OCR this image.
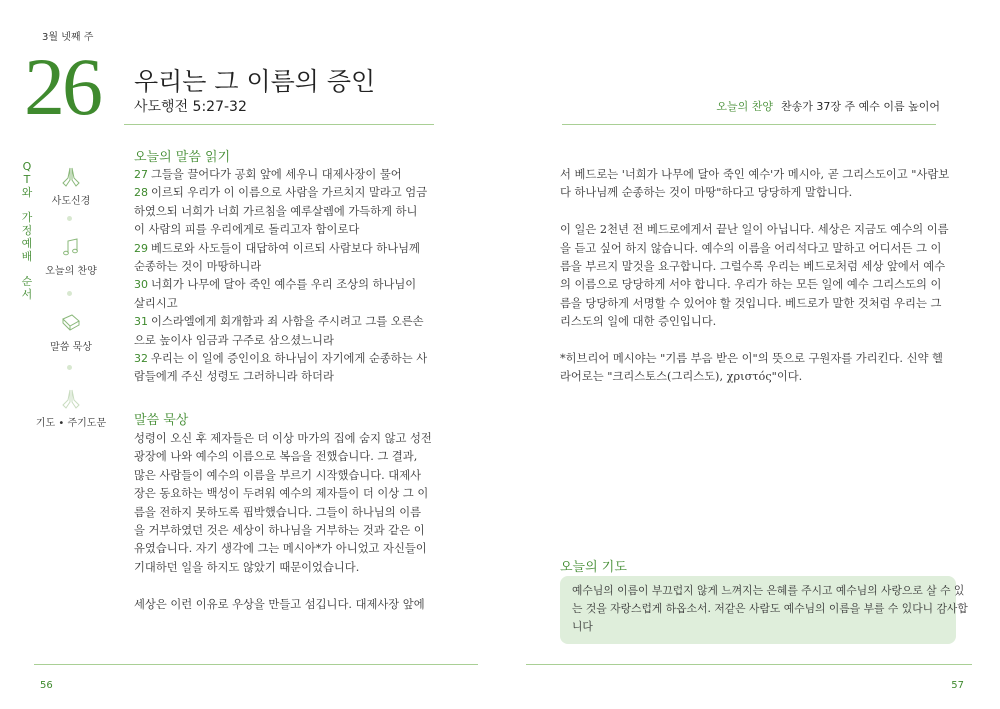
3월 넷째 주
26 우리는 그 이름의 증인
사도행전 5:27-32	오늘의 찬양 찬송가 37장 주 예수 이름 높이어
Q
T
와
가
정
예
배
순
서
사도신경
오늘의 찬양
말씀 묵상
기도 • 주기도문
오늘의 말씀 읽기
27 그들을 끌어다가 공회 앞에 세우니 대제사장이 물어
28 이르되 우리가 이 이름으로 사람을 가르치지 말라고 엄금
하였으되 너희가 너희 가르침을 예루살렘에 가득하게 하니
이 사람의 피를 우리에게로 돌리고자 함이로다
29 베드로와 사도들이 대답하여 이르되 사람보다 하나님께
순종하는 것이 마땅하니라
30 너희가 나무에 달아 죽인 예수를 우리 조상의 하나님이
살리시고
31 이스라엘에게 회개함과 죄 사함을 주시려고 그를 오른손
으로 높이사 임금과 구주로 삼으셨느니라
32 우리는 이 일에 증인이요 하나님이 자기에게 순종하는 사
람들에게 주신 성령도 그러하니라 하더라
말씀 묵상
성령이 오신 후 제자들은 더 이상 마가의 집에 숨지 않고 성전
광장에 나와 예수의 이름으로 복음을 전했습니다. 그 결과,
많은 사람들이 예수의 이름을 부르기 시작했습니다. 대제사
장은 동요하는 백성이 두려워 예수의 제자들이 더 이상 그 이
름을 전하지 못하도록 핍박했습니다. 그들이 하나님의 이름
을 거부하였던 것은 세상이 하나님을 거부하는 것과 같은 이
유였습니다. 자기 생각에 그는 메시아*가 아니었고 자신들이
기대하던 일을 하지도 않았기 때문이었습니다.
세상은 이런 이유로 우상을 만들고 섬깁니다. 대제사장 앞에
서 베드로는 '너희가 나무에 달아 죽인 예수'가 메시아, 곧 그리스도이고 "사람보
다 하나님께 순종하는 것이 마땅"하다고 당당하게 말합니다.
이 일은 2천년 전 베드로에게서 끝난 일이 아닙니다. 세상은 지금도 예수의 이름
을 듣고 싶어 하지 않습니다. 예수의 이름을 어리석다고 말하고 어디서든 그 이
름을 부르지 말것을 요구합니다. 그럴수록 우리는 베드로처럼 세상 앞에서 예수
의 이름으로 당당하게 서야 합니다. 우리가 하는 모든 일에 예수 그리스도의 이
름을 당당하게 서명할 수 있어야 할 것입니다. 베드로가 말한 것처럼 우리는 그
리스도의 일에 대한 증인입니다.
*히브리어 메시야는 "기름 부음 받은 이"의 뜻으로 구원자를 가리킨다. 신약 헬
라어로는 "크리스토스(그리스도), χριστός"이다.
오늘의 기도
예수님의 이름이 부끄럽지 않게 느껴지는 은혜를 주시고 예수님의 사랑으로 살 수 있
는 것을 자랑스럽게 하옵소서. 저같은 사람도 예수님의 이름을 부를 수 있다니 감사합
니다
56	57
